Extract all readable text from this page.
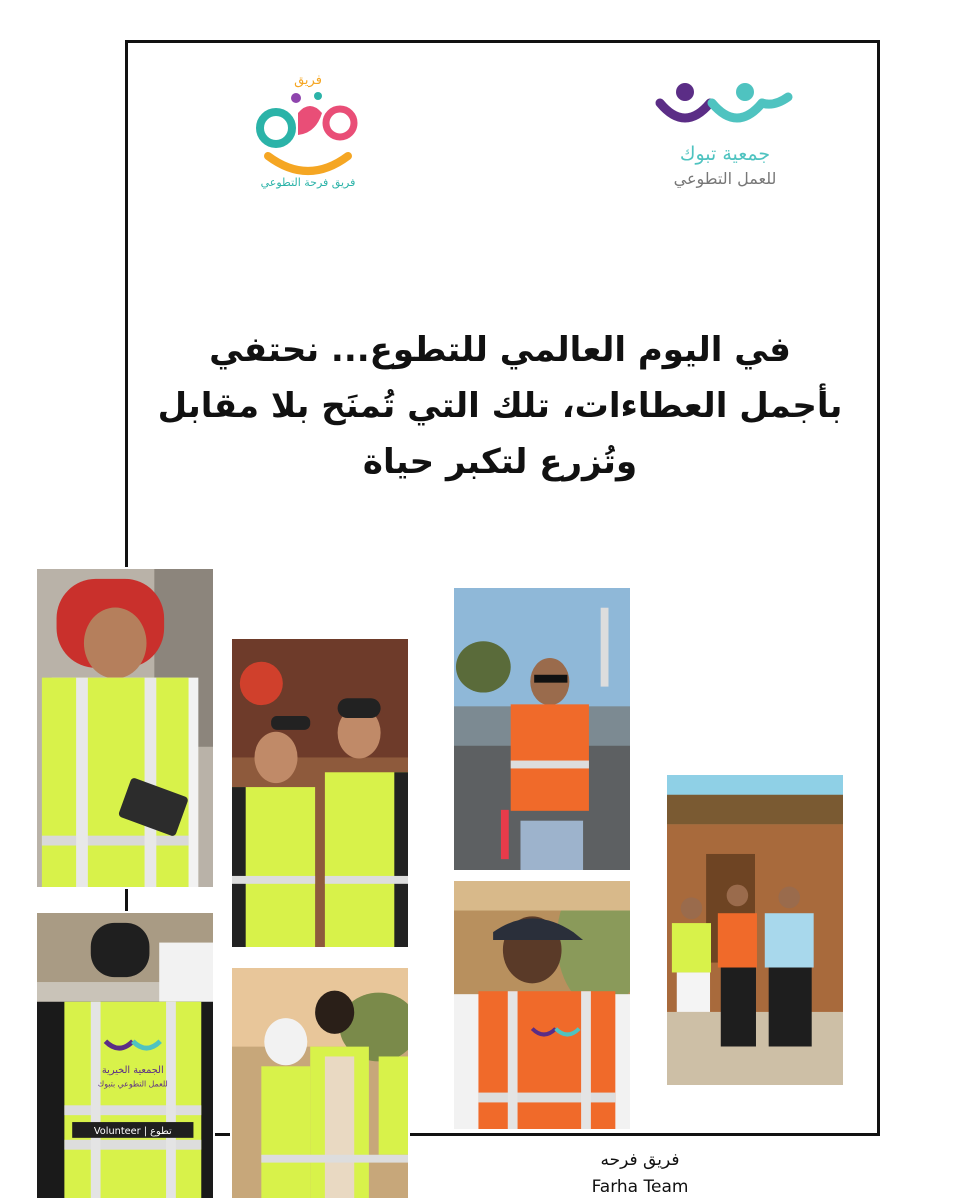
فريق
فريق فرحة التطوعي
جمعية تبوك
للعمل التطوعي
في اليوم العالمي للتطوع... نحتفي
بأجمل العطاءات، تلك التي تُمنَح بلا مقابل
وتُزرع لتكبر حياة
الجمعية الخيرية
للعمل التطوعي بتبوك
Volunteer | تطوع
فريق فرحه
Farha Team
